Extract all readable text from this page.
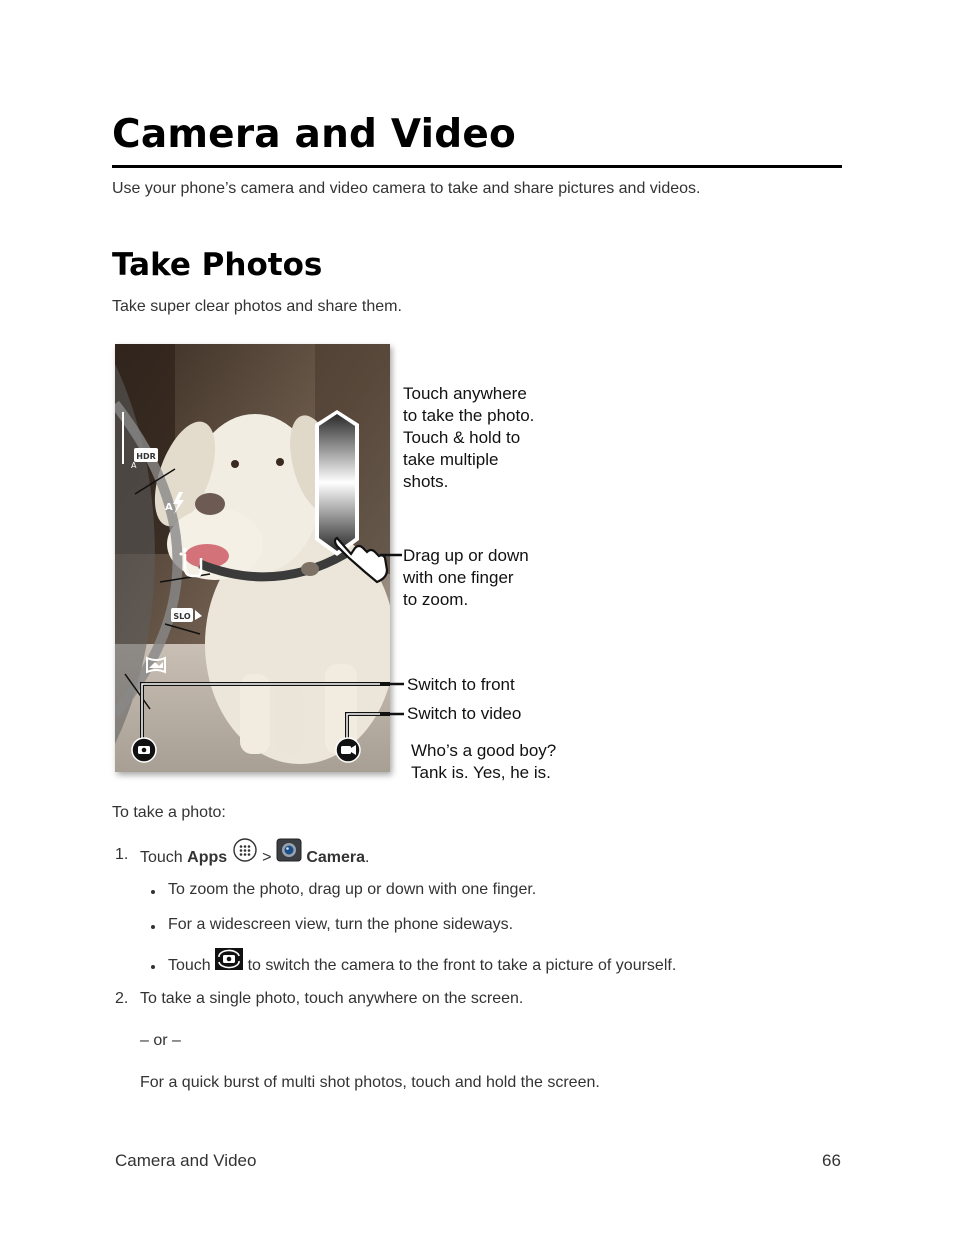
Camera and Video
Use your phone’s camera and video camera to take and share pictures and videos.
Take Photos
Take super clear photos and share them.
HDR
A
A
SLO
Touch anywhere
to take the photo.
Touch & hold to
take multiple
shots.
Drag up or down
with one finger
to zoom.
Switch to front
Switch to video
Who’s a good boy?
Tank is. Yes, he is.
To take a photo:
1. Touch Apps > Camera.
To zoom the photo, drag up or down with one finger.
For a widescreen view, turn the phone sideways.
Touch to switch the camera to the front to take a picture of yourself.
2. To take a single photo, touch anywhere on the screen.
– or –
For a quick burst of multi shot photos, touch and hold the screen.
Camera and Video	66
